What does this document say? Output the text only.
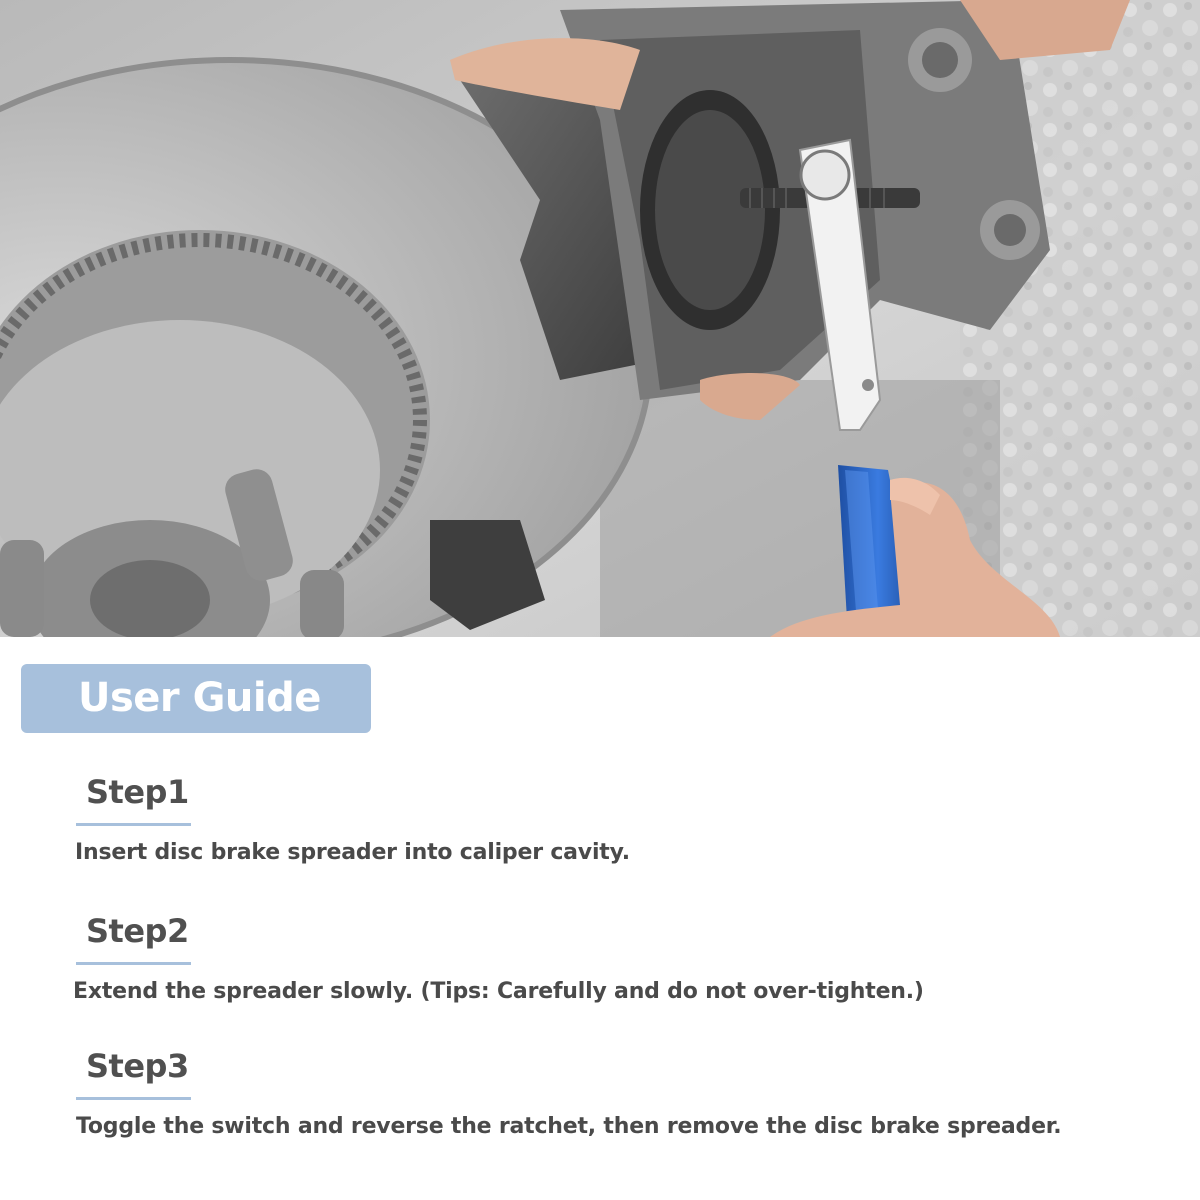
User Guide
Step1
Insert disc brake spreader into caliper cavity.
Step2
Extend the spreader slowly. (Tips: Carefully and do not over-tighten.)
Step3
Toggle the switch and reverse the ratchet, then remove the disc brake spreader.
